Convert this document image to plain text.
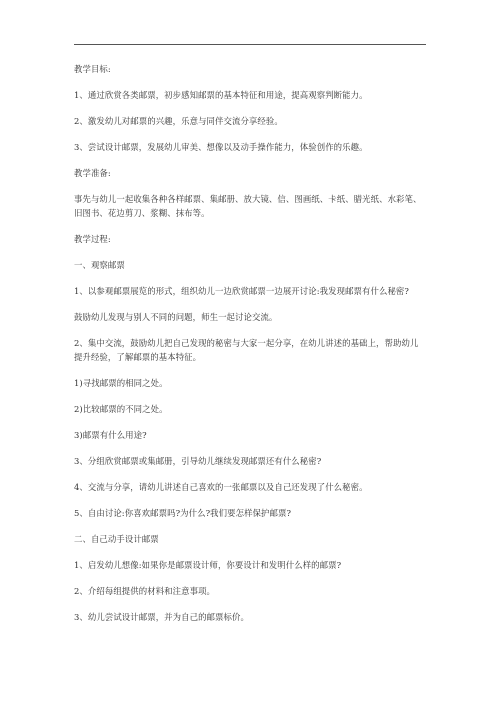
教学目标:

1、通过欣赏各类邮票，初步感知邮票的基本特征和用途，提高观察判断能力。

2、激发幼儿对邮票的兴趣，乐意与同伴交流分享经验。

3、尝试设计邮票，发展幼儿审美、想像以及动手操作能力，体验创作的乐趣。

教学准备:

事先与幼儿一起收集各种各样邮票、集邮册、放大镜、信、图画纸、卡纸、腊光纸、水彩笔、旧图书、花边剪刀、浆糊、抹布等。

教学过程:

一、观察邮票

1、以参观邮票展览的形式，组织幼儿一边欣赏邮票一边展开讨论:我发现邮票有什么秘密?

鼓励幼儿发现与别人不同的问题，师生一起讨论交流。

2、集中交流，鼓励幼儿把自己发现的秘密与大家一起分享，在幼儿讲述的基础上，帮助幼儿提升经验，了解邮票的基本特征。

1)寻找邮票的相同之处。

2)比较邮票的不同之处。

3)邮票有什么用途?

3、分组欣赏邮票或集邮册，引导幼儿继续发现邮票还有什么秘密?

4、交流与分享，请幼儿讲述自己喜欢的一张邮票以及自己还发现了什么秘密。

5、自由讨论:你喜欢邮票吗?为什么?我们要怎样保护邮票?

二、自己动手设计邮票

1、启发幼儿想像:如果你是邮票设计师，你要设计和发明什么样的邮票?

2、介绍每组提供的材料和注意事项。

3、幼儿尝试设计邮票，并为自己的邮票标价。
